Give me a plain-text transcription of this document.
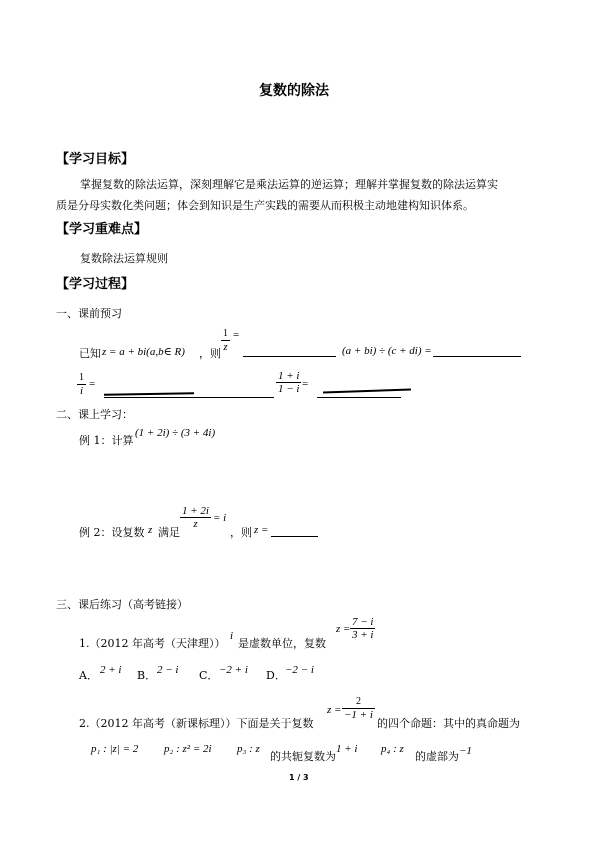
复数的除法
【学习目标】
掌握复数的除法运算，深刻理解它是乘法运算的逆运算；理解并掌握复数的除法运算实
质是分母实数化类问题；体会到知识是生产实践的需要从而积极主动地建构知识体系。
【学习重难点】
复数除法运算规则
【学习过程】
一、课前预习
已知 z = a + bi(a,b∈ R) ，则
$\frac{1}{z}$ =
(a + bi) ÷ (c + di) =
$\frac{1}{i}$ =	$\frac{1 + i}{1 - i}$ =
二、课上学习：
例 1：计算
(1 + 2i) ÷ (3 + 4i)
例 2：设复数 z 满足
$\frac{1 + 2i}{z} = i$
，则 z =
三、课后练习（高考链接）
1.（2012 年高考（天津理））
i
是虚数单位，复数
$z = \frac{7 - i}{3 + i}$
A． 2 + i B． 2 − i C． −2 + i D． −2 − i
2.（2012 年高考（新课标理））下面是关于复数
$z = \frac{2}{-1 + i}$
的四个命题：其中的真命题为
p₁ : |z| = 2 p₂ : z² = 2i p₃ : z
的共轭复数为
1 + i p₄ : z
的虚部为 −1
1 / 3
